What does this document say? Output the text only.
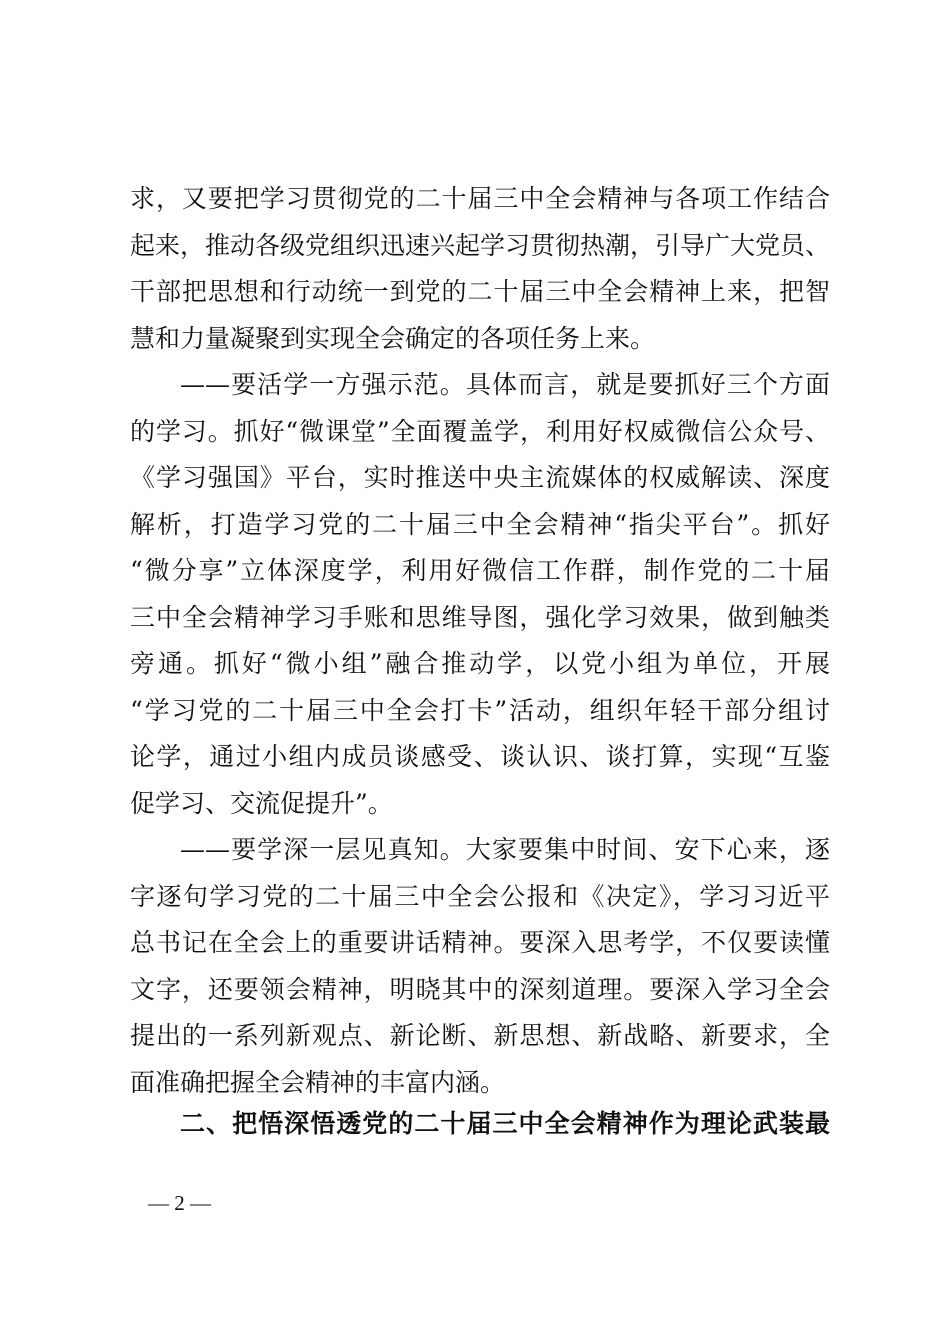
求，又要把学习贯彻党的二十届三中全会精神与各项工作结合
起来，推动各级党组织迅速兴起学习贯彻热潮，引导广大党员、
干部把思想和行动统一到党的二十届三中全会精神上来，把智
慧和力量凝聚到实现全会确定的各项任务上来。
——要活学一方强示范。具体而言，就是要抓好三个方面
的学习。抓好“微课堂”全面覆盖学，利用好权威微信公众号、
《学习强国》平台，实时推送中央主流媒体的权威解读、深度
解析，打造学习党的二十届三中全会精神“指尖平台”。抓好
“微分享”立体深度学，利用好微信工作群，制作党的二十届
三中全会精神学习手账和思维导图，强化学习效果，做到触类
旁通。抓好“微小组”融合推动学，以党小组为单位，开展
“学习党的二十届三中全会打卡”活动，组织年轻干部分组讨
论学，通过小组内成员谈感受、谈认识、谈打算，实现“互鉴
促学习、交流促提升”。
——要学深一层见真知。大家要集中时间、安下心来，逐
字逐句学习党的二十届三中全会公报和《决定》，学习习近平
总书记在全会上的重要讲话精神。要深入思考学，不仅要读懂
文字，还要领会精神，明晓其中的深刻道理。要深入学习全会
提出的一系列新观点、新论断、新思想、新战略、新要求，全
面准确把握全会精神的丰富内涵。
二、把悟深悟透党的二十届三中全会精神作为理论武装最
— 2 —
